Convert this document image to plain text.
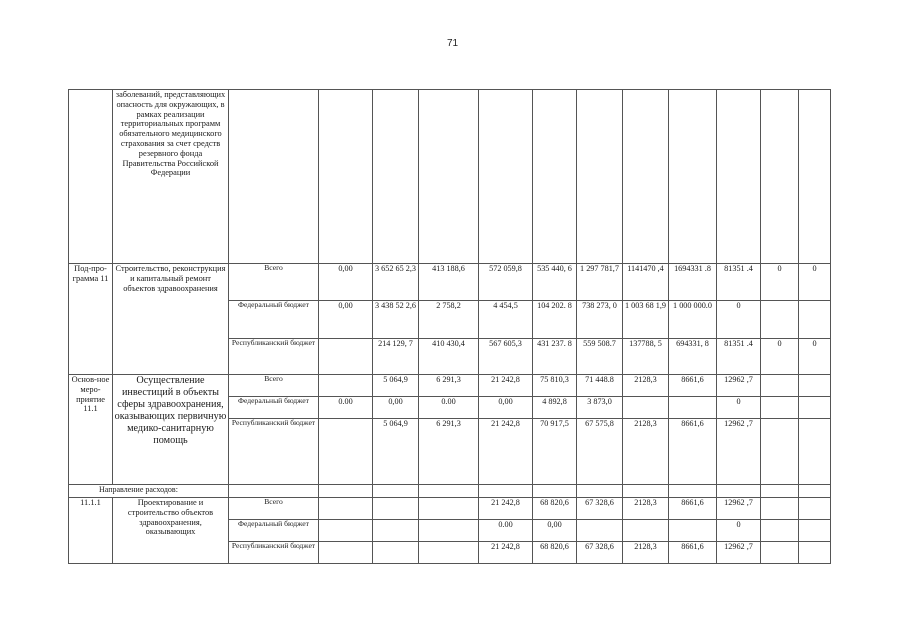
71
	заболеваний, представляющих опасность для окружающих, в рамках реализации территориальных программ обязательного медицинского страхования за счет средств резервного фонда Правительства Российской Федерации												
Под-про-грамма 11	Строительство, реконструкция и капитальный ремонт объектов здравоохранения	Всего	0,00	3 652 65 2,3	413 188,6	572 059,8	535 440, 6	1 297 781,7	1141470 ,4	1694331 .8	81351 .4	0	0
		Федеральный бюджет	0,00	3 438 52 2,6	2 758,2	4 454,5	104 202. 8	738 273, 0	1 003 68 1,9	1 000 000.0	0		
		Республиканский бюджет		214 129, 7	410 430,4	567 605,3	431 237. 8	559 508.7	137788, 5	694331, 8	81351 .4	0	0
Основ-ное меро-приятие 11.1	Осуществление инвестиций в объекты сферы здравоохранения, оказывающих первичную медико-санитарную помощь	Всего		5 064,9	6 291,3	21 242,8	75 810,3	71 448.8	2128,3	8661,6	12962 ,7		
		Федеральный бюджет	0.00	0,00	0.00	0,00	4 892,8	3 873,0			0		
		Республиканский бюджет		5 064,9	6 291,3	21 242,8	70 917,5	67 575,8	2128,3	8661,6	12962 ,7		
Направление расходов:													
11.1.1	Проектирование и строительство объектов здравоохранения, оказывающих	Всего				21 242,8	68 820,6	67 328,6	2128,3	8661,6	12962 ,7		
		Федеральный бюджет				0.00	0,00				0		
		Республиканский бюджет				21 242,8	68 820,6	67 328,6	2128,3	8661,6	12962 ,7		
